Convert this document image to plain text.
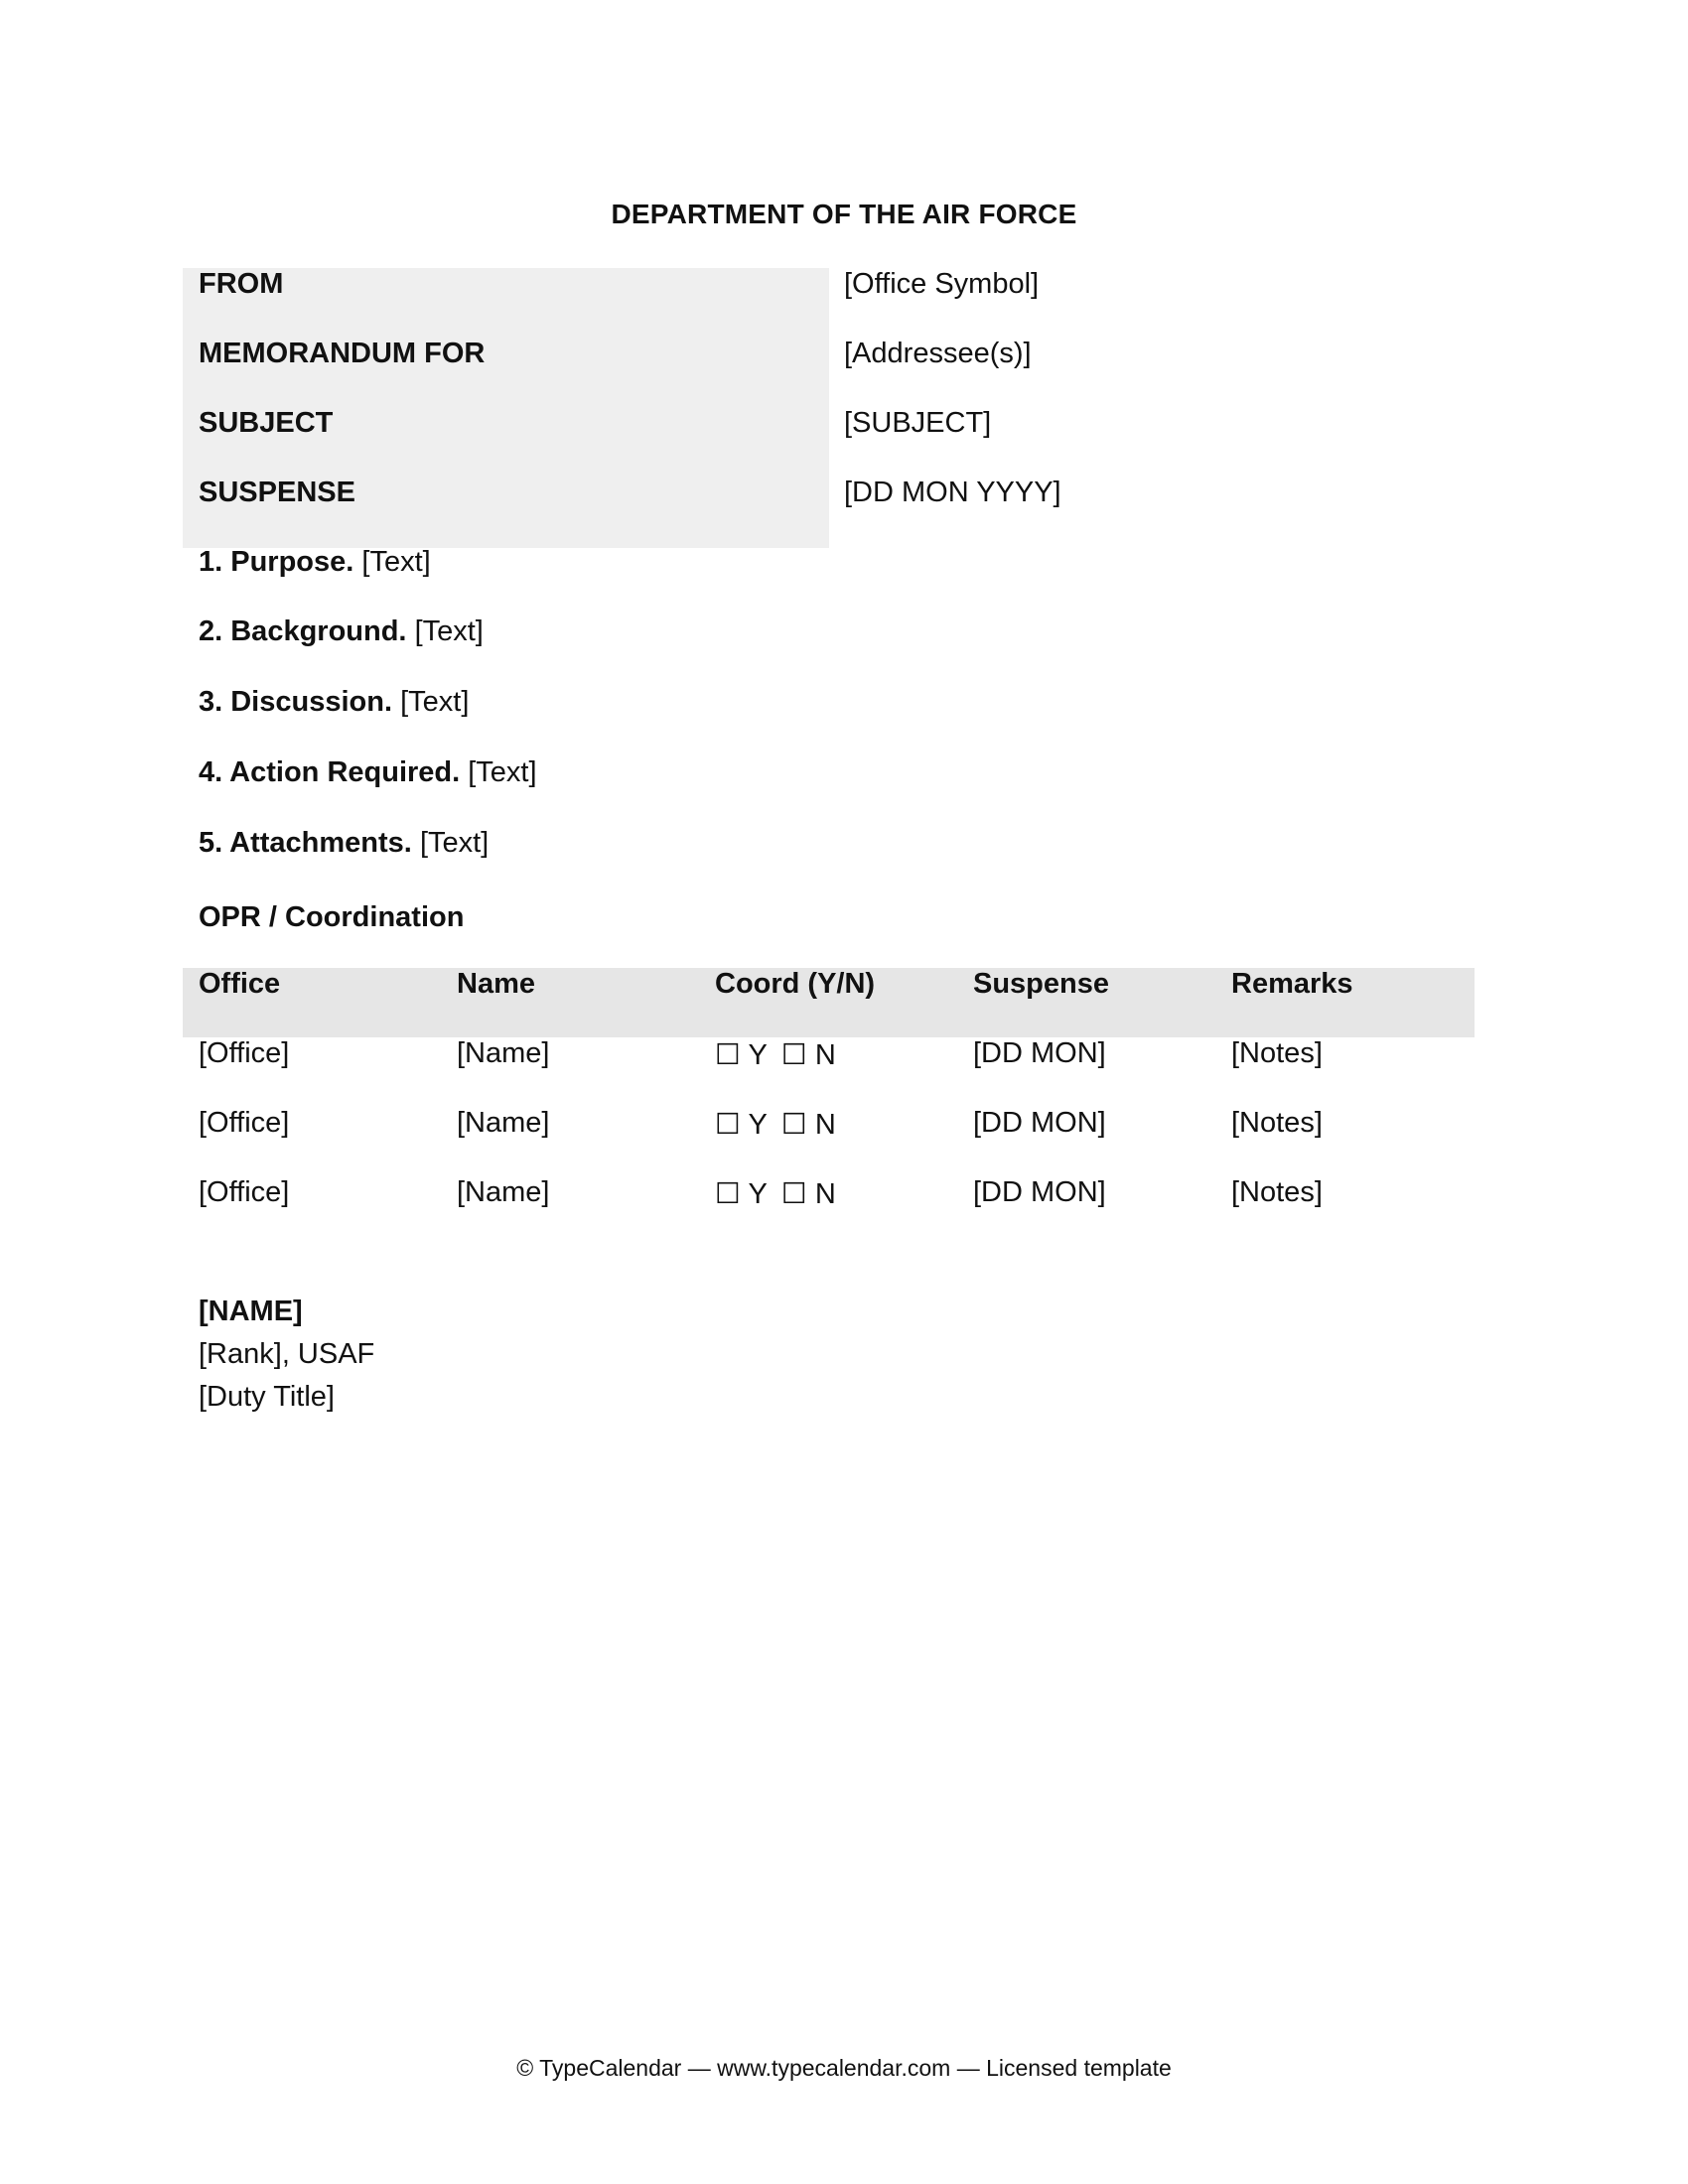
DEPARTMENT OF THE AIR FORCE
FROM	[Office Symbol]
MEMORANDUM FOR	[Addressee(s)]
SUBJECT	[SUBJECT]
SUSPENSE	[DD MON YYYY]
1. Purpose. [Text]
2. Background. [Text]
3. Discussion. [Text]
4. Action Required. [Text]
5. Attachments. [Text]
OPR / Coordination
Office	Name	Coord (Y/N)	Suspense	Remarks
[Office]	[Name]	☐ Y ☐ N	[DD MON]	[Notes]
[Office]	[Name]	☐ Y ☐ N	[DD MON]	[Notes]
[Office]	[Name]	☐ Y ☐ N	[DD MON]	[Notes]
[NAME]
[Rank], USAF
[Duty Title]
© TypeCalendar — www.typecalendar.com — Licensed template
